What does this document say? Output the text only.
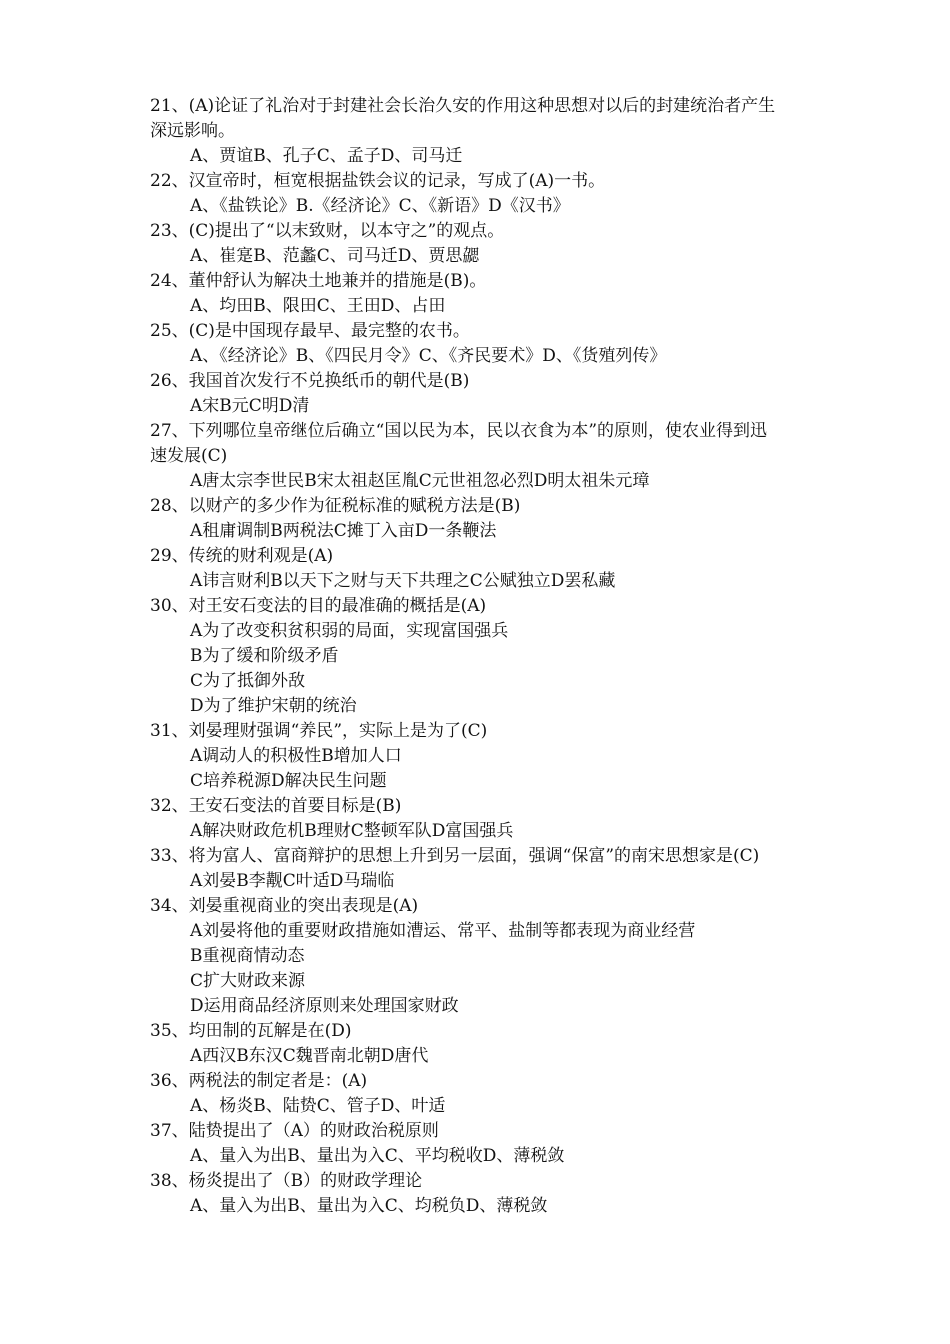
21、(A)论证了礼治对于封建社会长治久安的作用这种思想对以后的封建统治者产生
深远影响。
A、贾谊B、孔子C、孟子D、司马迁
22、汉宣帝时，桓宽根据盐铁会议的记录，写成了(A)一书。
A、《盐铁论》B.《经济论》C、《新语》D《汉书》
23、(C)提出了“以末致财，以本守之”的观点。
A、崔寔B、范蠡C、司马迁D、贾思勰
24、董仲舒认为解决土地兼并的措施是(B)。
A、均田B、限田C、王田D、占田
25、(C)是中国现存最早、最完整的农书。
A、《经济论》B、《四民月令》C、《齐民要术》D、《货殖列传》
26、我国首次发行不兑换纸币的朝代是(B)
A宋B元C明D清
27、下列哪位皇帝继位后确立“国以民为本，民以衣食为本”的原则，使农业得到迅
速发展(C)
A唐太宗李世民B宋太祖赵匡胤C元世祖忽必烈D明太祖朱元璋
28、以财产的多少作为征税标准的赋税方法是(B)
A租庸调制B两税法C摊丁入亩D一条鞭法
29、传统的财利观是(A)
A讳言财利B以天下之财与天下共理之C公赋独立D罢私藏
30、对王安石变法的目的最准确的概括是(A)
A为了改变积贫积弱的局面，实现富国强兵
B为了缓和阶级矛盾
C为了抵御外敌
D为了维护宋朝的统治
31、刘晏理财强调“养民”，实际上是为了(C)
A调动人的积极性B增加人口
C培养税源D解决民生问题
32、王安石变法的首要目标是(B)
A解决财政危机B理财C整顿军队D富国强兵
33、将为富人、富商辩护的思想上升到另一层面，强调“保富”的南宋思想家是(C)
A刘晏B李觏C叶适D马瑞临
34、刘晏重视商业的突出表现是(A)
A刘晏将他的重要财政措施如漕运、常平、盐制等都表现为商业经营
B重视商情动态
C扩大财政来源
D运用商品经济原则来处理国家财政
35、均田制的瓦解是在(D)
A西汉B东汉C魏晋南北朝D唐代
36、两税法的制定者是：(A)
A、杨炎B、陆贽C、管子D、叶适
37、陆贽提出了（A）的财政治税原则
A、量入为出B、量出为入C、平均税收D、薄税敛
38、杨炎提出了（B）的财政学理论
A、量入为出B、量出为入C、均税负D、薄税敛
